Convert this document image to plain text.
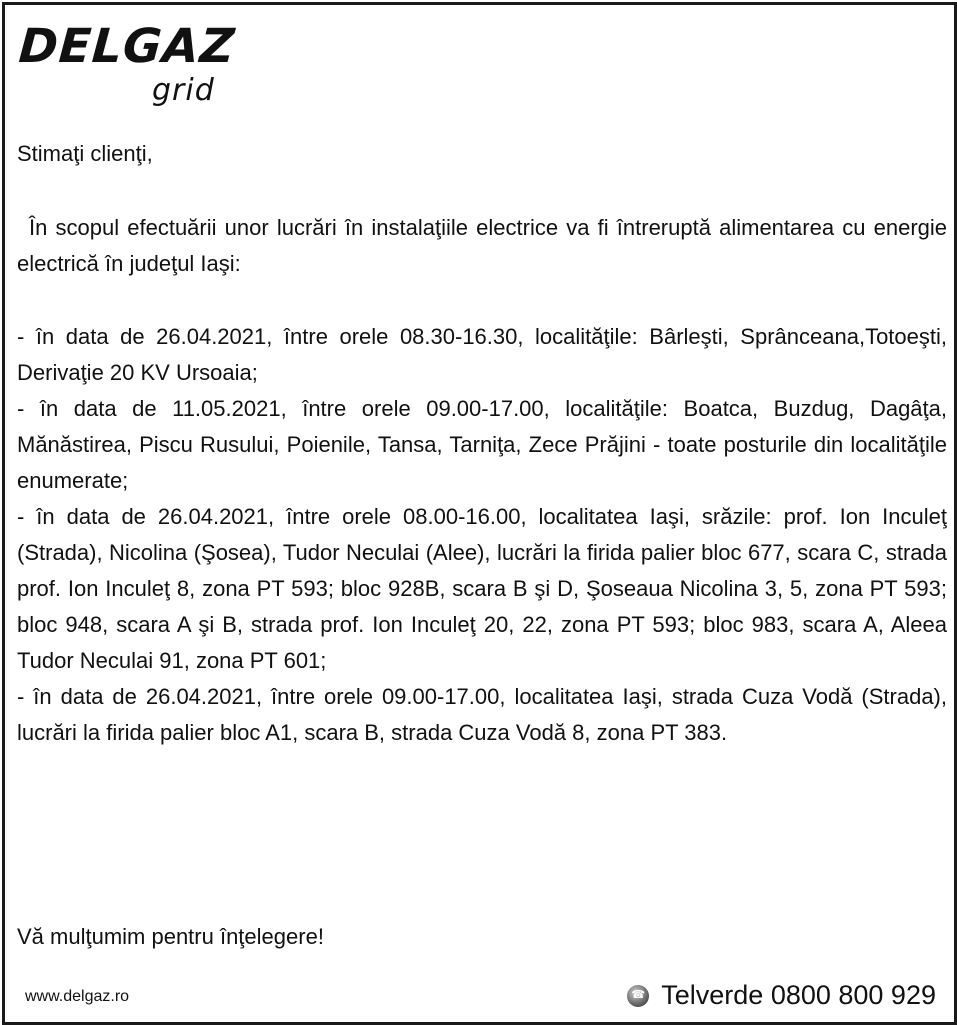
DELGAZ
grid
Stimaţi clienţi,
În scopul efectuării unor lucrări în instalaţiile electrice va fi întreruptă alimentarea cu energie electrică în judeţul Iaşi:

- în data de 26.04.2021, între orele 08.30-16.30, localităţile: Bârleşti, Sprânceana,Totoeşti, Derivaţie 20 KV Ursoaia;

- în data de 11.05.2021, între orele 09.00-17.00, localităţile: Boatca, Buzdug, Dagâţa, Mănăstirea, Piscu Rusului, Poienile, Tansa, Tarniţa, Zece Prăjini - toate posturile din localităţile enumerate;

- în data de 26.04.2021, între orele 08.00-16.00, localitatea Iaşi, srăzile: prof. Ion Inculeţ (Strada), Nicolina (Şosea), Tudor Neculai (Alee), lucrări la firida palier bloc 677, scara C, strada prof. Ion Inculeţ 8, zona PT 593; bloc 928B, scara B şi D, Şoseaua Nicolina 3, 5, zona PT 593; bloc 948, scara A şi B, strada prof. Ion Inculeţ 20, 22, zona PT 593; bloc 983, scara A, Aleea Tudor Neculai 91, zona PT 601;

- în data de 26.04.2021, între orele 09.00-17.00, localitatea Iaşi, strada Cuza Vodă (Strada), lucrări la firida palier bloc A1, scara B, strada Cuza Vodă 8, zona PT 383.

Vă mulţumim pentru înţelegere!
www.delgaz.ro	☎ Telverde 0800 800 929
